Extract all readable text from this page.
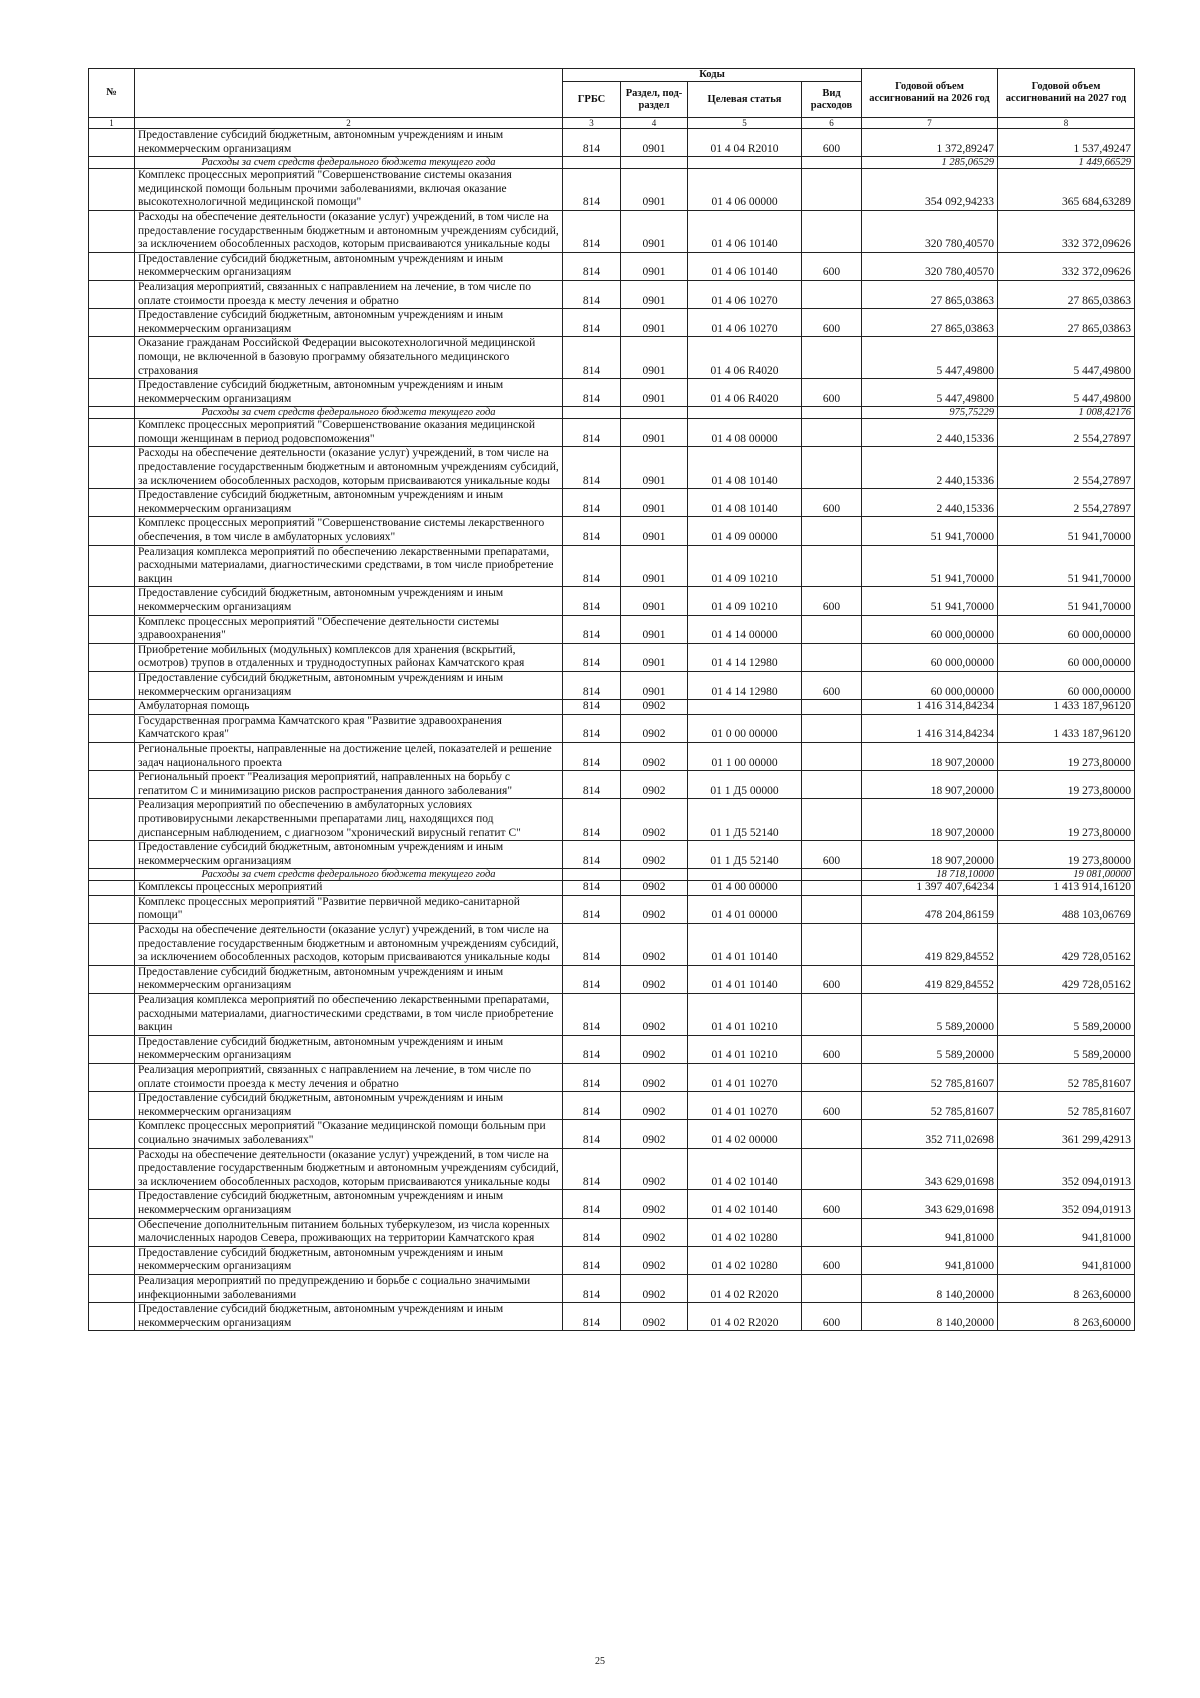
№		Коды				Годовой объем ассигнований на 2026 год	Годовой объем ассигнований на 2027 год
		ГРБС	Раздел, под-раздел	Целевая статья	Вид расходов		
1	2	3	4	5	6	7	8
	Предоставление субсидий бюджетным, автономным учреждениям и иным некоммерческим организациям	814	0901	01 4 04 R2010	600	1 372,89247	1 537,49247
	Расходы за счет средств федерального бюджета текущего года					1 285,06529	1 449,66529
	Комплекс процессных мероприятий "Совершенствование системы оказания медицинской помощи больным прочими заболеваниями, включая оказание высокотехнологичной медицинской помощи"	814	0901	01 4 06 00000		354 092,94233	365 684,63289
	Расходы на обеспечение деятельности (оказание услуг) учреждений, в том числе на предоставление государственным бюджетным и автономным учреждениям субсидий, за исключением обособленных расходов, которым присваиваются уникальные коды	814	0901	01 4 06 10140		320 780,40570	332 372,09626
	Предоставление субсидий бюджетным, автономным учреждениям и иным некоммерческим организациям	814	0901	01 4 06 10140	600	320 780,40570	332 372,09626
	Реализация мероприятий, связанных с направлением на лечение, в том числе по оплате стоимости проезда к месту лечения и обратно	814	0901	01 4 06 10270		27 865,03863	27 865,03863
	Предоставление субсидий бюджетным, автономным учреждениям и иным некоммерческим организациям	814	0901	01 4 06 10270	600	27 865,03863	27 865,03863
	Оказание гражданам Российской Федерации высокотехнологичной медицинской помощи, не включенной в базовую программу обязательного медицинского страхования	814	0901	01 4 06 R4020		5 447,49800	5 447,49800
	Предоставление субсидий бюджетным, автономным учреждениям и иным некоммерческим организациям	814	0901	01 4 06 R4020	600	5 447,49800	5 447,49800
	Расходы за счет средств федерального бюджета текущего года					975,75229	1 008,42176
	Комплекс процессных мероприятий "Совершенствование оказания медицинской помощи женщинам в период родовспоможения"	814	0901	01 4 08 00000		2 440,15336	2 554,27897
	Расходы на обеспечение деятельности (оказание услуг) учреждений, в том числе на предоставление государственным бюджетным и автономным учреждениям субсидий, за исключением обособленных расходов, которым присваиваются уникальные коды	814	0901	01 4 08 10140		2 440,15336	2 554,27897
	Предоставление субсидий бюджетным, автономным учреждениям и иным некоммерческим организациям	814	0901	01 4 08 10140	600	2 440,15336	2 554,27897
	Комплекс процессных мероприятий "Совершенствование системы лекарственного обеспечения, в том числе в амбулаторных условиях"	814	0901	01 4 09 00000		51 941,70000	51 941,70000
	Реализация комплекса мероприятий по обеспечению лекарственными препаратами, расходными материалами, диагностическими средствами, в том числе приобретение вакцин	814	0901	01 4 09 10210		51 941,70000	51 941,70000
	Предоставление субсидий бюджетным, автономным учреждениям и иным некоммерческим организациям	814	0901	01 4 09 10210	600	51 941,70000	51 941,70000
	Комплекс процессных мероприятий "Обеспечение деятельности системы здравоохранения"	814	0901	01 4 14 00000		60 000,00000	60 000,00000
	Приобретение мобильных (модульных) комплексов для хранения (вскрытий, осмотров) трупов в отдаленных и труднодоступных районах Камчатского края	814	0901	01 4 14 12980		60 000,00000	60 000,00000
	Предоставление субсидий бюджетным, автономным учреждениям и иным некоммерческим организациям	814	0901	01 4 14 12980	600	60 000,00000	60 000,00000
	Амбулаторная помощь	814	0902			1 416 314,84234	1 433 187,96120
	Государственная программа Камчатского края "Развитие здравоохранения Камчатского края"	814	0902	01 0 00 00000		1 416 314,84234	1 433 187,96120
	Региональные проекты, направленные на достижение целей, показателей и решение задач национального проекта	814	0902	01 1 00 00000		18 907,20000	19 273,80000
	Региональный проект "Реализация мероприятий, направленных на борьбу с гепатитом С и минимизацию рисков распространения данного заболевания"	814	0902	01 1 Д5 00000		18 907,20000	19 273,80000
	Реализация мероприятий по обеспечению в амбулаторных условиях противовирусными лекарственными препаратами лиц, находящихся под диспансерным наблюдением, с диагнозом "хронический вирусный гепатит С"	814	0902	01 1 Д5 52140		18 907,20000	19 273,80000
	Предоставление субсидий бюджетным, автономным учреждениям и иным некоммерческим организациям	814	0902	01 1 Д5 52140	600	18 907,20000	19 273,80000
	Расходы за счет средств федерального бюджета текущего года					18 718,10000	19 081,00000
	Комплексы процессных мероприятий	814	0902	01 4 00 00000		1 397 407,64234	1 413 914,16120
	Комплекс процессных мероприятий "Развитие первичной медико-санитарной помощи"	814	0902	01 4 01 00000		478 204,86159	488 103,06769
	Расходы на обеспечение деятельности (оказание услуг) учреждений, в том числе на предоставление государственным бюджетным и автономным учреждениям субсидий, за исключением обособленных расходов, которым присваиваются уникальные коды	814	0902	01 4 01 10140		419 829,84552	429 728,05162
	Предоставление субсидий бюджетным, автономным учреждениям и иным некоммерческим организациям	814	0902	01 4 01 10140	600	419 829,84552	429 728,05162
	Реализация комплекса мероприятий по обеспечению лекарственными препаратами, расходными материалами, диагностическими средствами, в том числе приобретение вакцин	814	0902	01 4 01 10210		5 589,20000	5 589,20000
	Предоставление субсидий бюджетным, автономным учреждениям и иным некоммерческим организациям	814	0902	01 4 01 10210	600	5 589,20000	5 589,20000
	Реализация мероприятий, связанных с направлением на лечение, в том числе по оплате стоимости проезда к месту лечения и обратно	814	0902	01 4 01 10270		52 785,81607	52 785,81607
	Предоставление субсидий бюджетным, автономным учреждениям и иным некоммерческим организациям	814	0902	01 4 01 10270	600	52 785,81607	52 785,81607
	Комплекс процессных мероприятий "Оказание медицинской помощи больным при социально значимых заболеваниях"	814	0902	01 4 02 00000		352 711,02698	361 299,42913
	Расходы на обеспечение деятельности (оказание услуг) учреждений, в том числе на предоставление государственным бюджетным и автономным учреждениям субсидий, за исключением обособленных расходов, которым присваиваются уникальные коды	814	0902	01 4 02 10140		343 629,01698	352 094,01913
	Предоставление субсидий бюджетным, автономным учреждениям и иным некоммерческим организациям	814	0902	01 4 02 10140	600	343 629,01698	352 094,01913
	Обеспечение дополнительным питанием больных туберкулезом, из числа коренных малочисленных народов Севера, проживающих на территории Камчатского края	814	0902	01 4 02 10280		941,81000	941,81000
	Предоставление субсидий бюджетным, автономным учреждениям и иным некоммерческим организациям	814	0902	01 4 02 10280	600	941,81000	941,81000
	Реализация мероприятий по предупреждению и борьбе с социально значимыми инфекционными заболеваниями	814	0902	01 4 02 R2020		8 140,20000	8 263,60000
	Предоставление субсидий бюджетным, автономным учреждениям и иным некоммерческим организациям	814	0902	01 4 02 R2020	600	8 140,20000	8 263,60000
25
